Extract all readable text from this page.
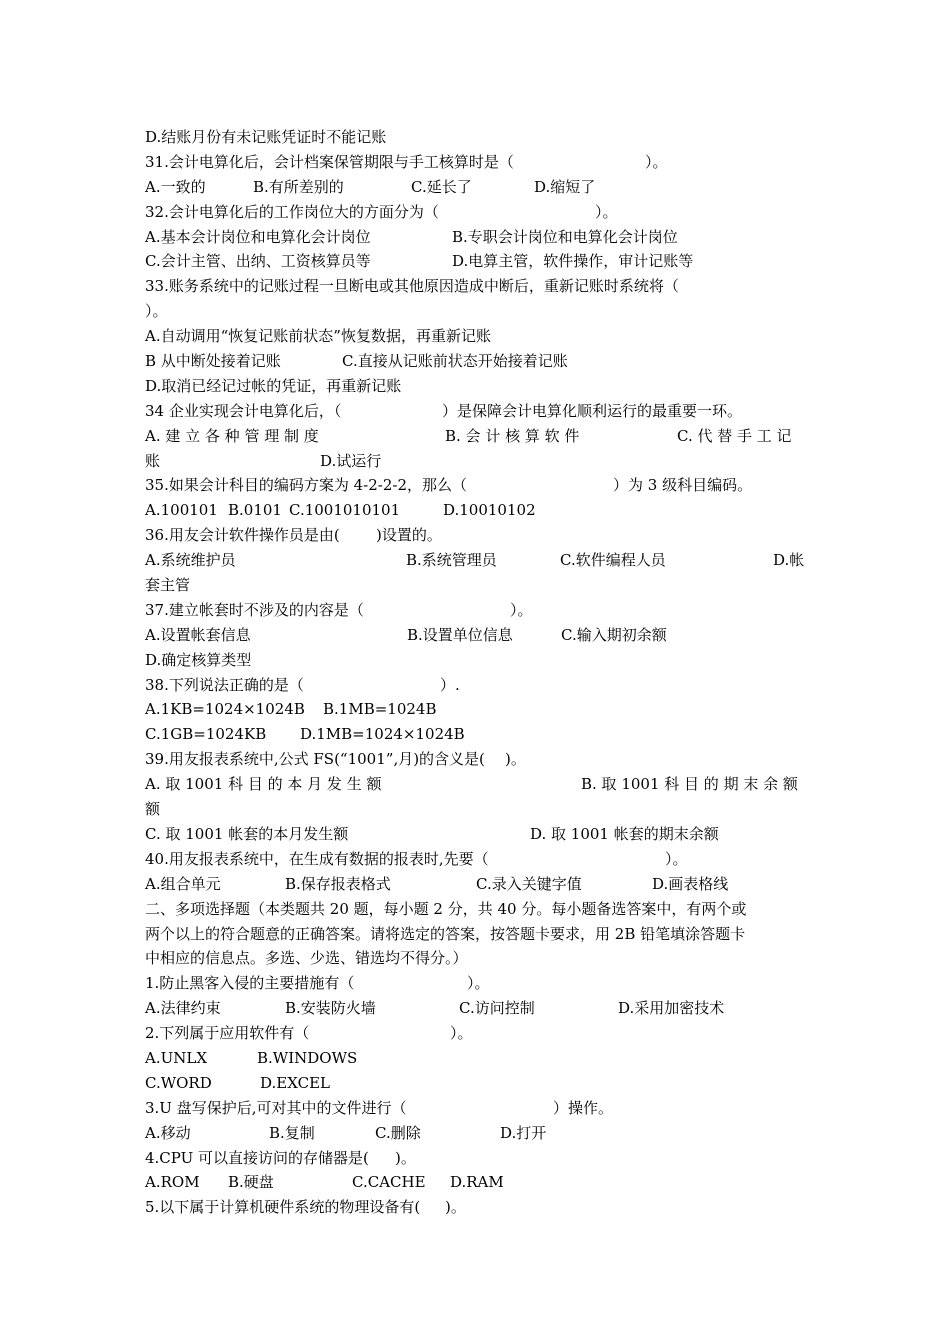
D.结账月份有未记账凭证时不能记账
31.会计电算化后，会计档案保管期限与手工核算时是（	）。
A.一致的	B.有所差别的	C.延长了	D.缩短了
32.会计电算化后的工作岗位大的方面分为（	）。
A.基本会计岗位和电算化会计岗位	B.专职会计岗位和电算化会计岗位
C.会计主管、出纳、工资核算员等	D.电算主管，软件操作，审计记账等
33.账务系统中的记账过程一旦断电或其他原因造成中断后，重新记账时系统将（
）。
A.自动调用“恢复记账前状态”恢复数据，再重新记账
B 从中断处接着记账	C.直接从记账前状态开始接着记账
D.取消已经记过帐的凭证，再重新记账
34 企业实现会计电算化后，（	）是保障会计电算化顺利运行的最重要一环。
A. 建 立 各 种 管 理 制 度	B. 会 计 核 算 软 件	C. 代 替 手 工 记
账	D.试运行
35.如果会计科目的编码方案为 4-2-2-2，那么（	）为 3 级科目编码。
A.100101 B.0101 C.1001010101	D.10010102
36.用友会计软件操作员是由( )设置的。
A.系统维护员	B.系统管理员	C.软件编程人员	D.帐
套主管
37.建立帐套时不涉及的内容是（	）。
A.设置帐套信息	B.设置单位信息	C.输入期初余额
D.确定核算类型
38.下列说法正确的是（	）.
A.1KB=1024×1024B B.1MB=1024B
C.1GB=1024KB D.1MB=1024×1024B
39.用友报表系统中,公式 FS(“1001”,月)的含义是( )。
A. 取 1001 科 目 的 本 月 发 生 额	B. 取 1001 科 目 的 期 末 余 额
额
C. 取 1001 帐套的本月发生额	D. 取 1001 帐套的期末余额
40.用友报表系统中，在生成有数据的报表时,先要（	）。
A.组合单元	B.保存报表格式	C.录入关键字值	D.画表格线
二、多项选择题（本类题共 20 题，每小题 2 分，共 40 分。每小题备选答案中，有两个或
两个以上的符合题意的正确答案。请将选定的答案，按答题卡要求，用 2B 铅笔填涂答题卡
中相应的信息点。多选、少选、错选均不得分。）
1.防止黑客入侵的主要措施有（	）。
A.法律约束	B.安装防火墙	C.访问控制	D.采用加密技术
2.下列属于应用软件有（	）。
A.UNLX	B.WINDOWS
C.WORD	D.EXCEL
3.U 盘写保护后,可对其中的文件进行（	）操作。
A.移动	B.复制	C.删除	D.打开
4.CPU 可以直接访问的存储器是( )。
A.ROM B.硬盘	C.CACHE D.RAM
5.以下属于计算机硬件系统的物理设备有( )。
